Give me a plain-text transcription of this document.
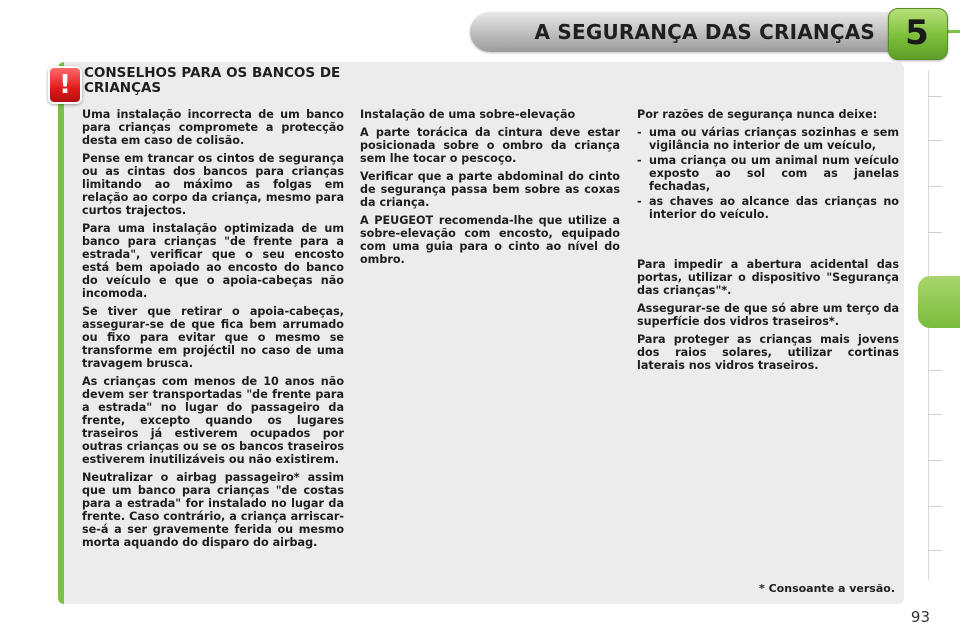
A SEGURANÇA DAS CRIANÇAS 5
! CONSELHOS PARA OS BANCOS DE CRIANÇAS

Uma instalação incorrecta de um banco para crianças compromete a protecção desta em caso de colisão.

Pense em trancar os cintos de segurança ou as cintas dos bancos para crianças limitando ao máximo as folgas em relação ao corpo da criança, mesmo para curtos trajectos.

Para uma instalação optimizada de um banco para crianças "de frente para a estrada", verificar que o seu encosto está bem apoiado ao encosto do banco do veículo e que o apoia-cabeças não incomoda.

Se tiver que retirar o apoia-cabeças, assegurar-se de que fica bem arrumado ou fixo para evitar que o mesmo se transforme em projéctil no caso de uma travagem brusca.

As crianças com menos de 10 anos não devem ser transportadas "de frente para a estrada" no lugar do passageiro da frente, excepto quando os lugares traseiros já estiverem ocupados por outras crianças ou se os bancos traseiros estiverem inutilizáveis ou não existirem.

Neutralizar o airbag passageiro* assim que um banco para crianças "de costas para a estrada" for instalado no lugar da frente. Caso contrário, a criança arriscar-se-á a ser gravemente ferida ou mesmo morta aquando do disparo do airbag.

Instalação de uma sobre-elevação

A parte torácica da cintura deve estar posicionada sobre o ombro da criança sem lhe tocar o pescoço.

Verificar que a parte abdominal do cinto de segurança passa bem sobre as coxas da criança.

A PEUGEOT recomenda-lhe que utilize a sobre-elevação com encosto, equipado com uma guia para o cinto ao nível do ombro.

Por razões de segurança nunca deixe:

- uma ou várias crianças sozinhas e sem vigilância no interior de um veículo,
- uma criança ou um animal num veículo exposto ao sol com as janelas fechadas,
- as chaves ao alcance das crianças no interior do veículo.

Para impedir a abertura acidental das portas, utilizar o dispositivo "Segurança das crianças"*.

Assegurar-se de que só abre um terço da superfície dos vidros traseiros*.

Para proteger as crianças mais jovens dos raios solares, utilizar cortinas laterais nos vidros traseiros.

* Consoante a versão.
93
